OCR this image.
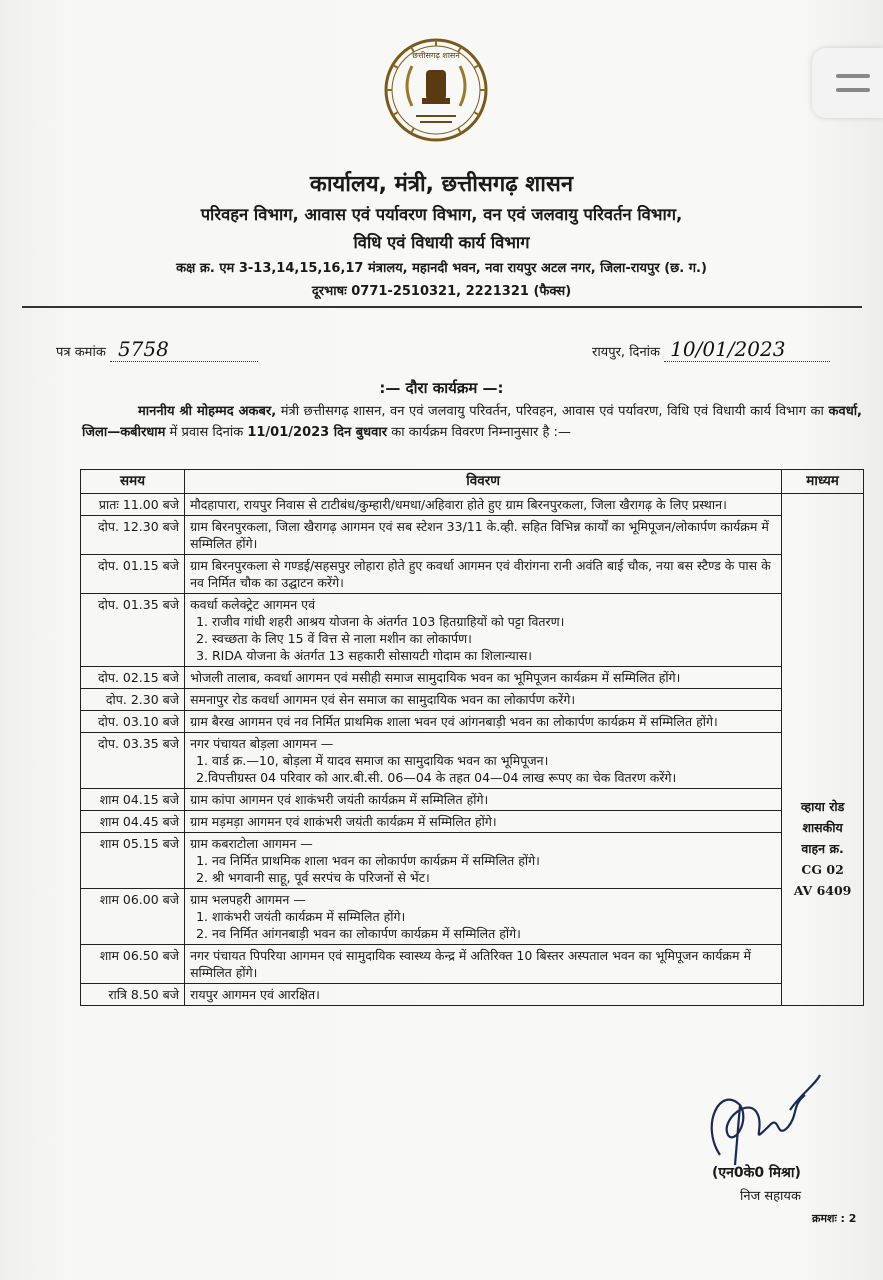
छत्तीसगढ़ शासन
कार्यालय, मंत्री, छत्तीसगढ़ शासन
परिवहन विभाग, आवास एवं पर्यावरण विभाग, वन एवं जलवायु परिवर्तन विभाग,
विधि एवं विधायी कार्य विभाग
कक्ष क्र. एम 3-13,14,15,16,17 मंत्रालय, महानदी भवन, नवा रायपुर अटल नगर, जिला-रायपुर (छ. ग.)
दूरभाषः 0771-2510321, 2221321 (फैक्स)
पत्र कमांक 5758	रायपुर, दिनांक 10/01/2023
:— दौरा कार्यक्रम —:
माननीय श्री मोहम्मद अकबर, मंत्री छत्तीसगढ़ शासन, वन एवं जलवायु परिवर्तन, परिवहन, आवास एवं पर्यावरण, विधि एवं विधायी कार्य विभाग का कवर्धा, जिला—कबीरधाम में प्रवास दिनांक 11/01/2023 दिन बुधवार का कार्यक्रम विवरण निम्नानुसार है :—
समय	विवरण	माध्यम
प्रातः 11.00 बजे	मौदहापारा, रायपुर निवास से टाटीबंध/कुम्हारी/धमधा/अहिवारा होते हुए ग्राम बिरनपुरकला, जिला खैरागढ़ के लिए प्रस्थान।	व्हाया रोड
शासकीय
वाहन क्र.
CG 02
AV 6409

दोप. 12.30 बजे	ग्राम बिरनपुरकला, जिला खैरागढ़ आगमन एवं सब स्टेशन 33/11 के.व्ही. सहित विभिन्न कार्यों का भूमिपूजन/लोकार्पण कार्यक्रम में सम्मिलित होंगे।	

दोप. 01.15 बजे	ग्राम बिरनपुरकला से गण्डई/सहसपुर लोहारा होते हुए कवर्धा आगमन एवं वीरांगना रानी अवंति बाई चौक, नया बस स्टैण्ड के पास के नव निर्मित चौक का उद्घाटन करेंगे।	

दोप. 01.35 बजे	कवर्धा कलेक्ट्रेट आगमन एवं
1. राजीव गांधी शहरी आश्रय योजना के अंतर्गत 103 हितग्राहियों को पट्टा वितरण।
2. स्वच्छता के लिए 15 वें वित्त से नाला मशीन का लोकार्पण।
3. RIDA योजना के अंतर्गत 13 सहकारी सोसायटी गोदाम का शिलान्यास।	

दोप. 02.15 बजे	भोजली तालाब, कवर्धा आगमन एवं मसीही समाज सामुदायिक भवन का भूमिपूजन कार्यक्रम में सम्मिलित होंगे।	

दोप. 2.30 बजे	समनापुर रोड कवर्धा आगमन एवं सेन समाज का सामुदायिक भवन का लोकार्पण करेंगे।	

दोप. 03.10 बजे	ग्राम बैरख आगमन एवं नव निर्मित प्राथमिक शाला भवन एवं आंगनबाड़ी भवन का लोकार्पण कार्यक्रम में सम्मिलित होंगे।	

दोप. 03.35 बजे	नगर पंचायत बोड़ला आगमन —
1. वार्ड क्र.—10, बोड़ला में यादव समाज का सामुदायिक भवन का भूमिपूजन।
2.विपत्तीग्रस्त 04 परिवार को आर.बी.सी. 06—04 के तहत 04—04 लाख रूपए का चेक वितरण करेंगे।	

शाम 04.15 बजे	ग्राम कांपा आगमन एवं शाकंभरी जयंती कार्यक्रम में सम्मिलित होंगे।	

शाम 04.45 बजे	ग्राम मड़मड़ा आगमन एवं शाकंभरी जयंती कार्यक्रम में सम्मिलित होंगे।	

शाम 05.15 बजे	ग्राम कबराटोला आगमन —
1. नव निर्मित प्राथमिक शाला भवन का लोकार्पण कार्यक्रम में सम्मिलित होंगे।
2. श्री भगवानी साहू, पूर्व सरपंच के परिजनों से भेंट।	

शाम 06.00 बजे	ग्राम भलपहरी आगमन —
1. शाकंभरी जयंती कार्यक्रम में सम्मिलित होंगे।
2. नव निर्मित आंगनबाड़ी भवन का लोकार्पण कार्यक्रम में सम्मिलित होंगे।	

शाम 06.50 बजे	नगर पंचायत पिपरिया आगमन एवं सामुदायिक स्वास्थ्य केन्द्र में अतिरिक्त 10 बिस्तर अस्पताल भवन का भूमिपूजन कार्यक्रम में सम्मिलित होंगे।	

रात्रि 8.50 बजे	रायपुर आगमन एवं आरक्षित।	
(एन0के0 मिश्रा)
निज सहायक
क्रमशः : 2
